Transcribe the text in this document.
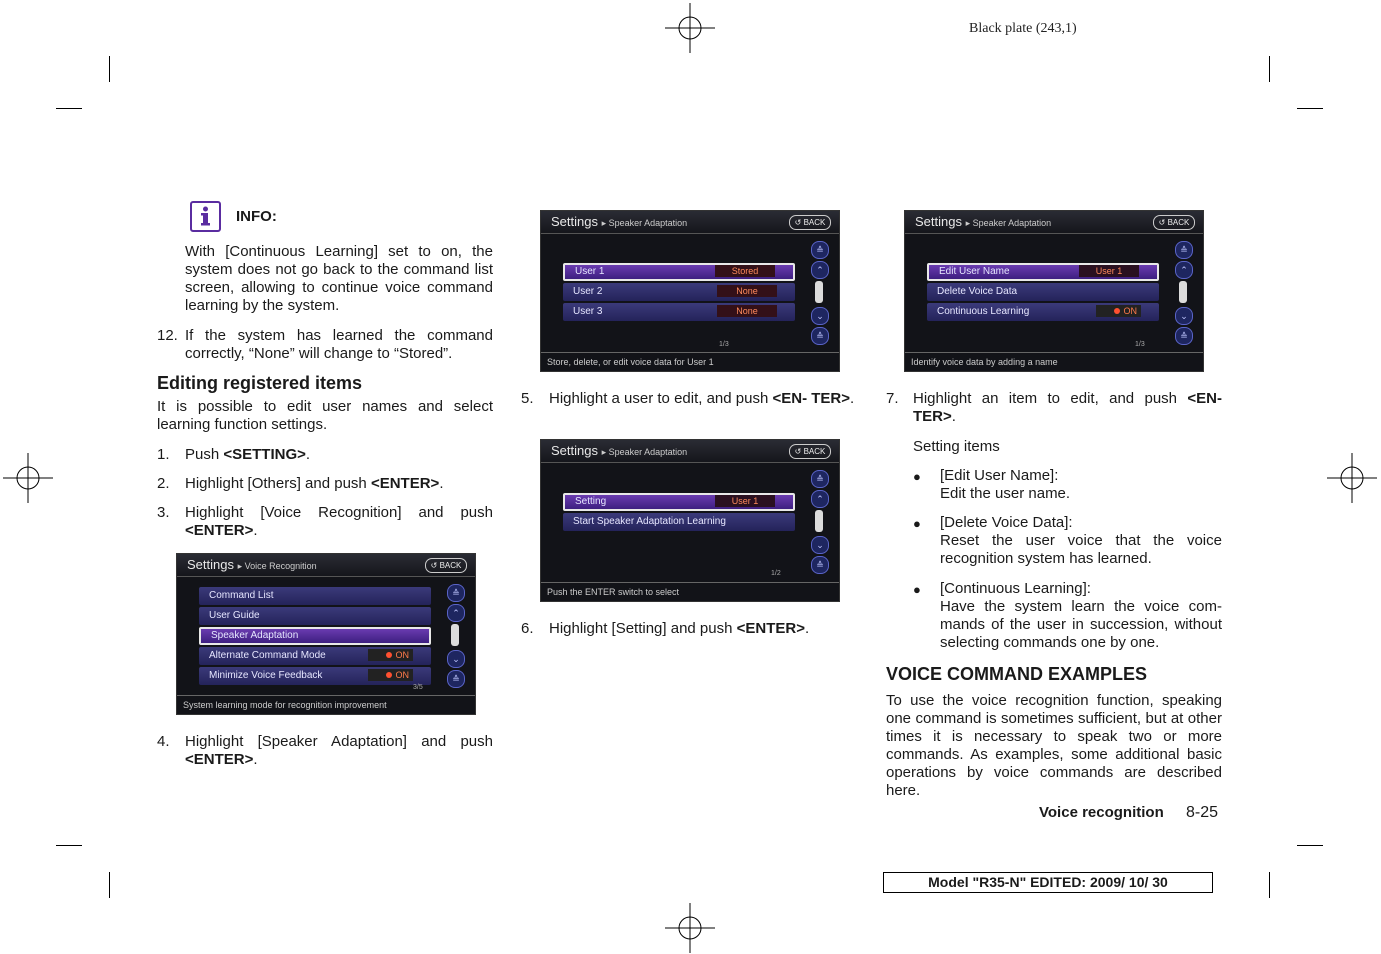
Black plate (243,1)
INFO:

With [Continuous Learning] set to on, the system does not go back to the command list screen, allowing to continue voice command learning by the system.

12. If the system has learned the command correctly, “None” will change to “Stored”.

Editing registered items

It is possible to edit user names and select learning function settings.

1. Push <SETTING>.

2. Highlight [Others] and push <ENTER>.

3. Highlight [Voice Recognition] and push <ENTER>.

Settings ▸ Voice Recognition	↺ BACK
Command List
User Guide
Speaker Adaptation
Alternate Command Mode	ON
Minimize Voice Feedback	ON
≙
⌃
⌄
≙
3/5
System learning mode for recognition improvement
4. Highlight [Speaker Adaptation] and push <ENTER>.

Settings ▸ Speaker Adaptation	↺ BACK
User 1	Stored
User 2	None
User 3	None
≙
⌃
⌄
≙
1/3
Store, delete, or edit voice data for User 1
5. Highlight a user to edit, and push <EN- TER>.

Settings ▸ Speaker Adaptation	↺ BACK
Setting	User 1
Start Speaker Adaptation Learning
≙
⌃
⌄
≙
1/2
Push the ENTER switch to select
6. Highlight [Setting] and push <ENTER>.

Settings ▸ Speaker Adaptation	↺ BACK
Edit User Name	User 1
Delete Voice Data
Continuous Learning	ON
≙
⌃
⌄
≙
1/3
Identify voice data by adding a name
7. Highlight an item to edit, and push <EN- TER>.

Setting items

● [Edit User Name]:
Edit the user name.

● [Delete Voice Data]:
Reset the user voice that the voice recognition system has learned.

● [Continuous Learning]:
Have the system learn the voice com- mands of the user in succession, without selecting commands one by one.

VOICE COMMAND EXAMPLES

To use the voice recognition function, speaking one command is sometimes sufficient, but at other times it is necessary to speak two or more commands. As examples, some additional basic operations by voice commands are described here.

Voice recognition 8-25
Model "R35-N" EDITED: 2009/ 10/ 30
